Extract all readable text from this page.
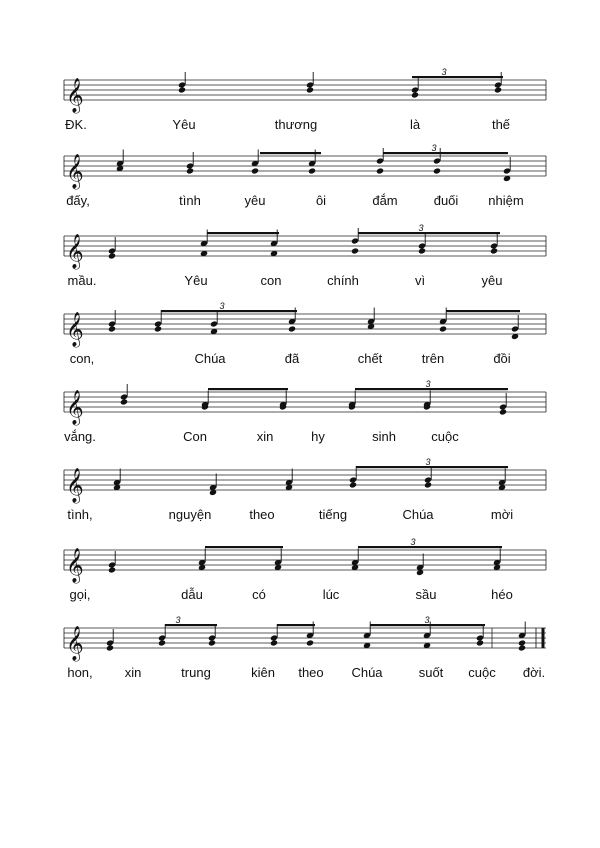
𝄞
ĐK.	Yêu	thương	là	thế
3
𝄞
đấy,	tình	yêu	ôi	đắm	đuối nhiệm
3
𝄞
mầu.	Yêu	con	chính	vì	yêu
3
𝄞
con,	Chúa	đã	chết	trên	đồi
3
𝄞
vắng.	Con	xin	hy	sinh	cuộc
3
𝄞
tình,	nguyện	theo	tiếng	Chúa	mời
3
𝄞
gọi,	dẫu	có	lúc	sầu	héo
3
𝄞
hon, xin	trung	kiên theo Chúa	suốt cuộc đời.
3	3
